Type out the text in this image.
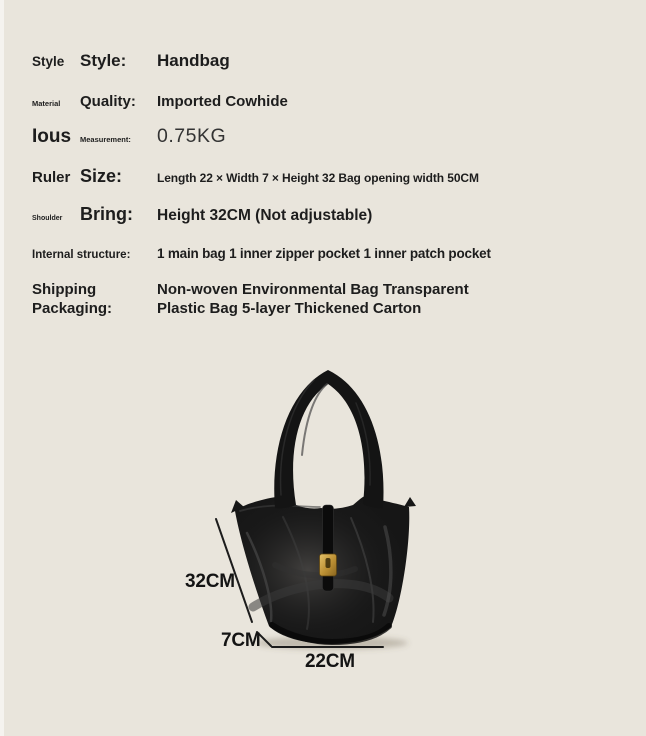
Style Style:	Handbag
Material	Quality:	Imported Cowhide
Ious	Measurement:	0.75KG
Ruler Size:	Length 22 × Width 7 × Height 32 Bag opening width 50CM
Shoulder Bring:	Height 32CM (Not adjustable)
Internal structure:	1 main bag 1 inner zipper pocket 1 inner patch pocket
Shipping Packaging:
Non-woven Environmental Bag Transparent Plastic Bag 5-layer Thickened Carton
32CM
7CM
22CM
